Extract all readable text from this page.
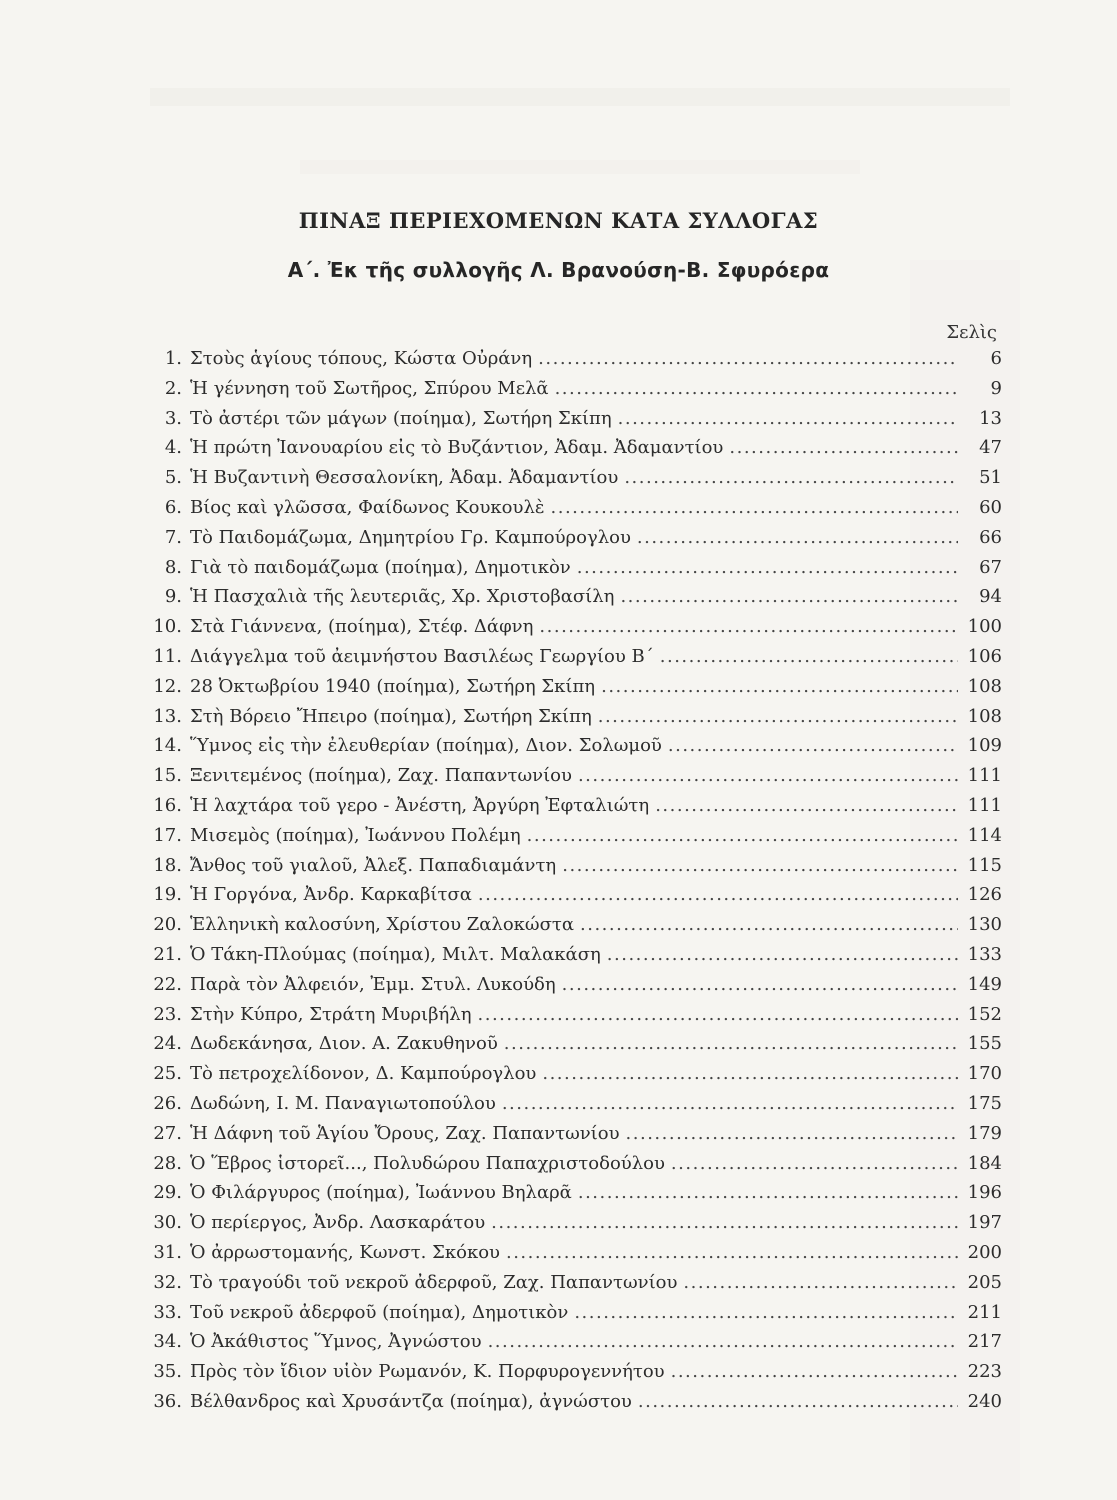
ΠΙΝΑΞ ΠΕΡΙΕΧΟΜΕΝΩΝ ΚΑΤΑ ΣΥΛΛΟΓΑΣ
Α΄. Ἐκ τῆς συλλογῆς Λ. Βρανούση-Β. Σφυρόερα
Σελὶς
1. Στοὺς ἁγίους τόπους, Κώστα Οὐράνη .....	6
2. Ἡ γέννηση τοῦ Σωτῆρος, Σπύρου Μελᾶ .....	9
3. Τὸ ἀστέρι τῶν μάγων (ποίημα), Σωτήρη Σκίπη .....	13
4. Ἡ πρώτη Ἰανουαρίου εἰς τὸ Βυζάντιον, Ἀδαμ. Ἀδαμαντίου .....	47
5. Ἡ Βυζαντινὴ Θεσσαλονίκη, Ἀδαμ. Ἀδαμαντίου .....	51
6. Βίος καὶ γλῶσσα, Φαίδωνος Κουκουλὲ .....	60
7. Τὸ Παιδομάζωμα, Δημητρίου Γρ. Καμπούρογλου .....	66
8. Γιὰ τὸ παιδομάζωμα (ποίημα), Δημοτικὸν .....	67
9. Ἡ Πασχαλιὰ τῆς λευτεριᾶς, Χρ. Χριστοβασίλη .....	94
10. Στὰ Γιάννενα, (ποίημα), Στέφ. Δάφνη .....	100
11. Διάγγελμα τοῦ ἀειμνήστου Βασιλέως Γεωργίου Β΄ .....	106
12. 28 Ὀκτωβρίου 1940 (ποίημα), Σωτήρη Σκίπη .....	108
13. Στὴ Βόρειο Ἤπειρο (ποίημα), Σωτήρη Σκίπη .....	108
14. Ὕμνος εἰς τὴν ἐλευθερίαν (ποίημα), Διον. Σολωμοῦ .....	109
15. Ξενιτεμένος (ποίημα), Ζαχ. Παπαντωνίου .....	111
16. Ἡ λαχτάρα τοῦ γερο - Ἀνέστη, Ἀργύρη Ἐφταλιώτη .....	111
17. Μισεμὸς (ποίημα), Ἰωάννου Πολέμη .....	114
18. Ἄνθος τοῦ γιαλοῦ, Ἀλεξ. Παπαδιαμάντη .....	115
19. Ἡ Γοργόνα, Ἀνδρ. Καρκαβίτσα .....	126
20. Ἑλληνικὴ καλοσύνη, Χρίστου Ζαλοκώστα .....	130
21. Ὁ Τάκη-Πλούμας (ποίημα), Μιλτ. Μαλακάση .....	133
22. Παρὰ τὸν Ἀλφειόν, Ἐμμ. Στυλ. Λυκούδη .....	149
23. Στὴν Κύπρο, Στράτη Μυριβήλη .....	152
24. Δωδεκάνησα, Διον. Α. Ζακυθηνοῦ .....	155
25. Τὸ πετροχελίδονον, Δ. Καμπούρογλου .....	170
26. Δωδώνη, Ι. Μ. Παναγιωτοπούλου .....	175
27. Ἡ Δάφνη τοῦ Ἁγίου Ὄρους, Ζαχ. Παπαντωνίου .....	179
28. Ὁ Ἕβρος ἱστορεῖ..., Πολυδώρου Παπαχριστοδούλου .....	184
29. Ὁ Φιλάργυρος (ποίημα), Ἰωάννου Βηλαρᾶ .....	196
30. Ὁ περίεργος, Ἀνδρ. Λασκαράτου .....	197
31. Ὁ ἀρρωστομανής, Κωνστ. Σκόκου .....	200
32. Τὸ τραγούδι τοῦ νεκροῦ ἀδερφοῦ, Ζαχ. Παπαντωνίου .....	205
33. Τοῦ νεκροῦ ἀδερφοῦ (ποίημα), Δημοτικὸν .....	211
34. Ὁ Ἀκάθιστος Ὕμνος, Ἀγνώστου .....	217
35. Πρὸς τὸν ἴδιον υἱὸν Ρωμανόν, Κ. Πορφυρογεννήτου .....	223
36. Βέλθανδρος καὶ Χρυσάντζα (ποίημα), ἀγνώστου .....	240
